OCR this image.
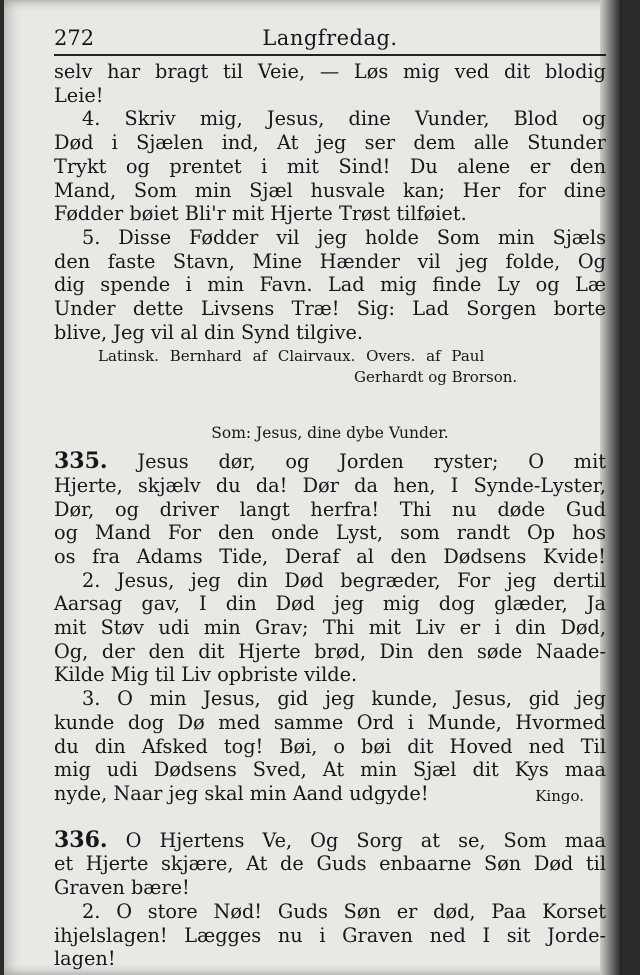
272	Langfredag.
selv har bragt til Veie, — Løs mig ved dit blodig
Leie!
4. Skriv mig, Jesus, dine Vunder, Blod og
Død i Sjælen ind, At jeg ser dem alle Stunder
Trykt og prentet i mit Sind! Du alene er den
Mand, Som min Sjæl husvale kan; Her for dine
Fødder bøiet Bli'r mit Hjerte Trøst tilføiet.
5. Disse Fødder vil jeg holde Som min Sjæls
den faste Stavn, Mine Hænder vil jeg folde, Og
dig spende i min Favn. Lad mig finde Ly og Læ
Under dette Livsens Træ! Sig: Lad Sorgen borte
blive, Jeg vil al din Synd tilgive.
Latinsk. Bernhard af Clairvaux. Overs. af Paul
Gerhardt og Brorson.
Som: Jesus, dine dybe Vunder.
335. Jesus dør, og Jorden ryster; O mit
Hjerte, skjælv du da! Dør da hen, I Synde-Lyster,
Dør, og driver langt herfra! Thi nu døde Gud
og Mand For den onde Lyst, som randt Op hos
os fra Adams Tide, Deraf al den Dødsens Kvide!
2. Jesus, jeg din Død begræder, For jeg dertil
Aarsag gav, I din Død jeg mig dog glæder, Ja
mit Støv udi min Grav; Thi mit Liv er i din Død,
Og, der den dit Hjerte brød, Din den søde Naade-
Kilde Mig til Liv opbriste vilde.
3. O min Jesus, gid jeg kunde, Jesus, gid jeg
kunde dog Dø med samme Ord i Munde, Hvormed
du din Afsked tog! Bøi, o bøi dit Hoved ned Til
mig udi Dødsens Sved, At min Sjæl dit Kys maa
nyde, Naar jeg skal min Aand udgyde!	Kingo.
336. O Hjertens Ve, Og Sorg at se, Som maa
et Hjerte skjære, At de Guds enbaarne Søn Død til
Graven bære!
2. O store Nød! Guds Søn er død, Paa Korset
ihjelslagen! Lægges nu i Graven ned I sit Jorde-
lagen!
